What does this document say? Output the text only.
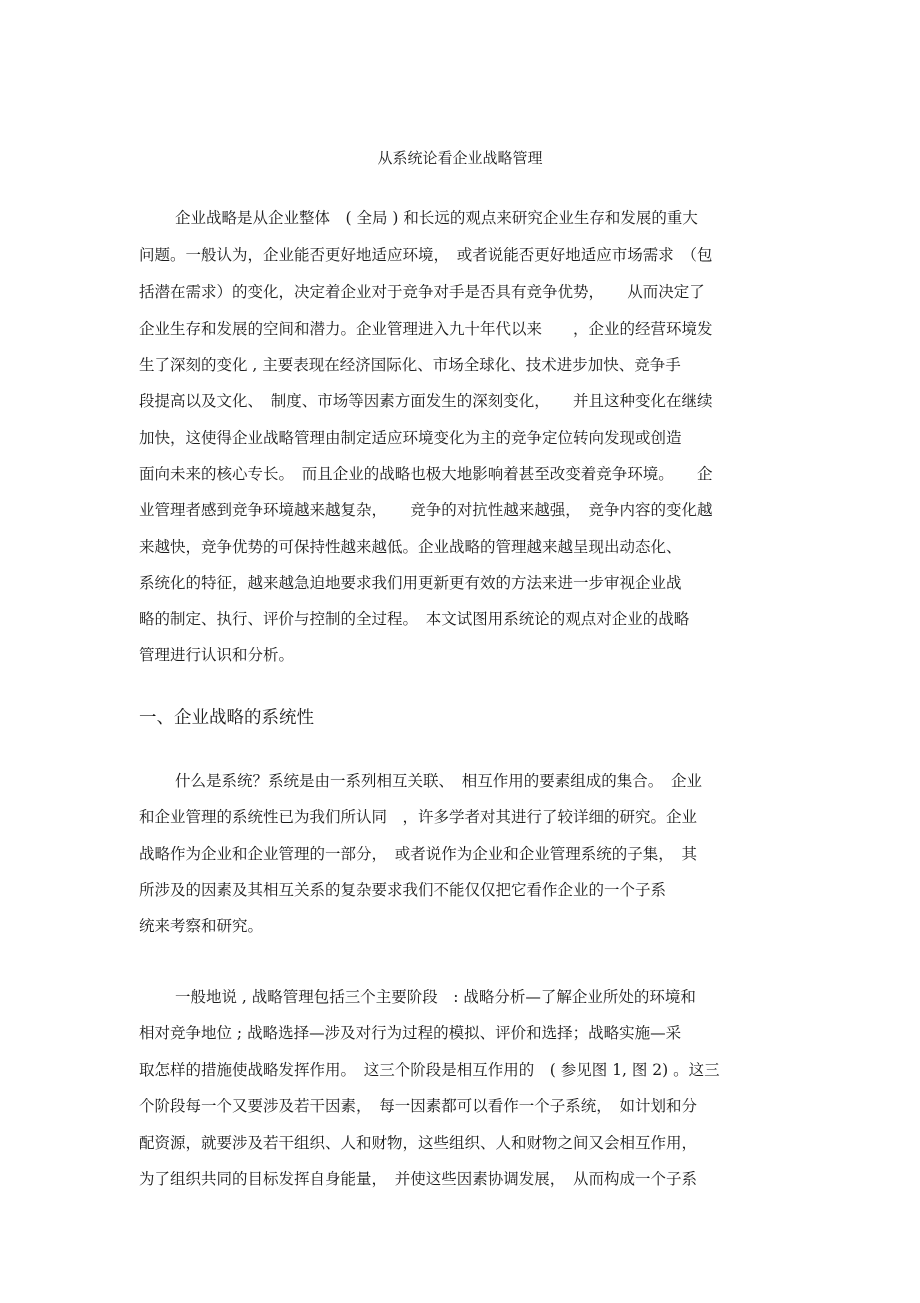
从系统论看企业战略管理
企业战略是从企业整体　( 全局 ) 和长远的观点来研究企业生存和发展的重大
问题。一般认为，企业能否更好地适应环境，　或者说能否更好地适应市场需求　（包
括潜在需求）的变化，决定着企业对于竞争对手是否具有竞争优势，　　从而决定了
企业生存和发展的空间和潜力。企业管理进入九十年代以来　　，企业的经营环境发
生了深刻的变化 , 主要表现在经济国际化、市场全球化、技术进步加快、竞争手
段提高以及文化、　制度、市场等因素方面发生的深刻变化，　　并且这种变化在继续
加快，这使得企业战略管理由制定适应环境变化为主的竞争定位转向发现或创造
面向未来的核心专长。　而且企业的战略也极大地影响着甚至改变着竞争环境。　　企
业管理者感到竞争环境越来越复杂，　　竞争的对抗性越来越强，　竞争内容的变化越
来越快，竞争优势的可保持性越来越低。企业战略的管理越来越呈现出动态化、
系统化的特征，越来越急迫地要求我们用更新更有效的方法来进一步审视企业战
略的制定、执行、评价与控制的全过程。　本文试图用系统论的观点对企业的战略
管理进行认识和分析。
一、企业战略的系统性
什么是系统？系统是由一系列相互关联、　相互作用的要素组成的集合。　企业
和企业管理的系统性已为我们所认同　，许多学者对其进行了较详细的研究。企业
战略作为企业和企业管理的一部分，　或者说作为企业和企业管理系统的子集，　其
所涉及的因素及其相互关系的复杂要求我们不能仅仅把它看作企业的一个子系
统来考察和研究。
一般地说 , 战略管理包括三个主要阶段　: 战略分析—了解企业所处的环境和
相对竞争地位 ; 战略选择—涉及对行为过程的模拟、评价和选择；战略实施—采
取怎样的措施使战略发挥作用。　这三个阶段是相互作用的　( 参见图 1, 图 2) 。这三
个阶段每一个又要涉及若干因素，　每一因素都可以看作一个子系统，　如计划和分
配资源，就要涉及若干组织、人和财物，这些组织、人和财物之间又会相互作用，
为了组织共同的目标发挥自身能量，　并使这些因素协调发展，　从而构成一个子系
